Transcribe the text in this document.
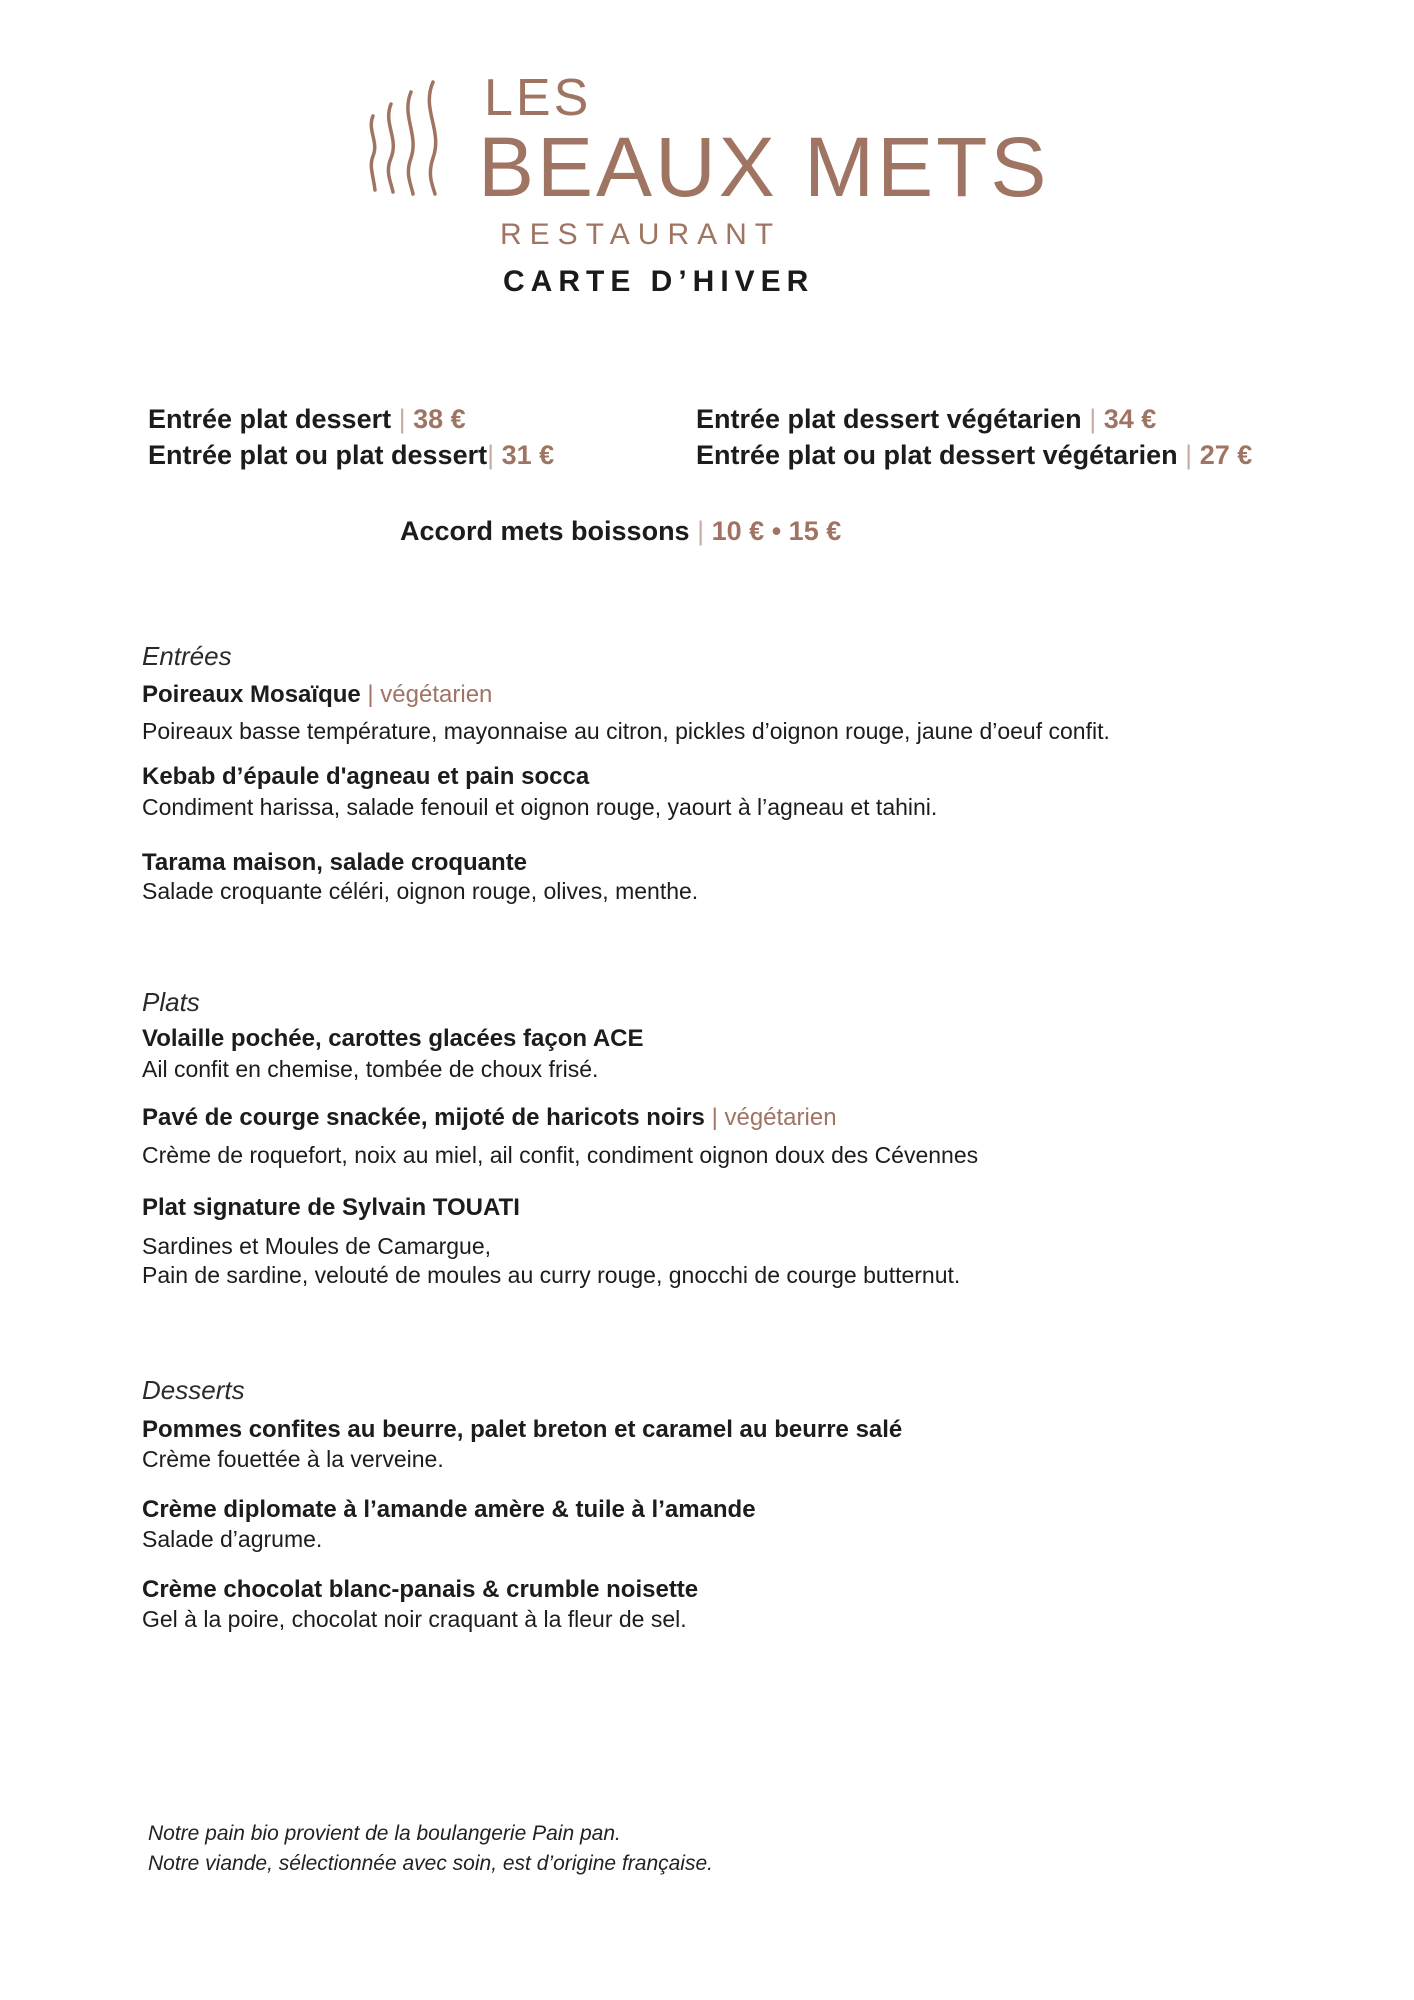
LES
BEAUX METS
RESTAURANT
CARTE D’HIVER
Entrée plat dessert | 38 €
Entrée plat ou plat dessert| 31 €
Entrée plat dessert végétarien | 34 €
Entrée plat ou plat dessert végétarien | 27 €
Accord mets boissons | 10 € • 15 €
Entrées
Poireaux Mosaïque | végétarien
Poireaux basse température, mayonnaise au citron, pickles d’oignon rouge, jaune d’oeuf confit.
Kebab d’épaule d'agneau et pain socca
Condiment harissa, salade fenouil et oignon rouge, yaourt à l’agneau et tahini.
Tarama maison, salade croquante
Salade croquante céléri, oignon rouge, olives, menthe.
Plats
Volaille pochée, carottes glacées façon ACE
Ail confit en chemise, tombée de choux frisé.
Pavé de courge snackée, mijoté de haricots noirs | végétarien
Crème de roquefort, noix au miel, ail confit, condiment oignon doux des Cévennes
Plat signature de Sylvain TOUATI
Sardines et Moules de Camargue,
Pain de sardine, velouté de moules au curry rouge, gnocchi de courge butternut.
Desserts
Pommes confites au beurre, palet breton et caramel au beurre salé
Crème fouettée à la verveine.
Crème diplomate à l’amande amère & tuile à l’amande
Salade d’agrume.
Crème chocolat blanc-panais & crumble noisette
Gel à la poire, chocolat noir craquant à la fleur de sel.
Notre pain bio provient de la boulangerie Pain pan.
Notre viande, sélectionnée avec soin, est d’origine française.
